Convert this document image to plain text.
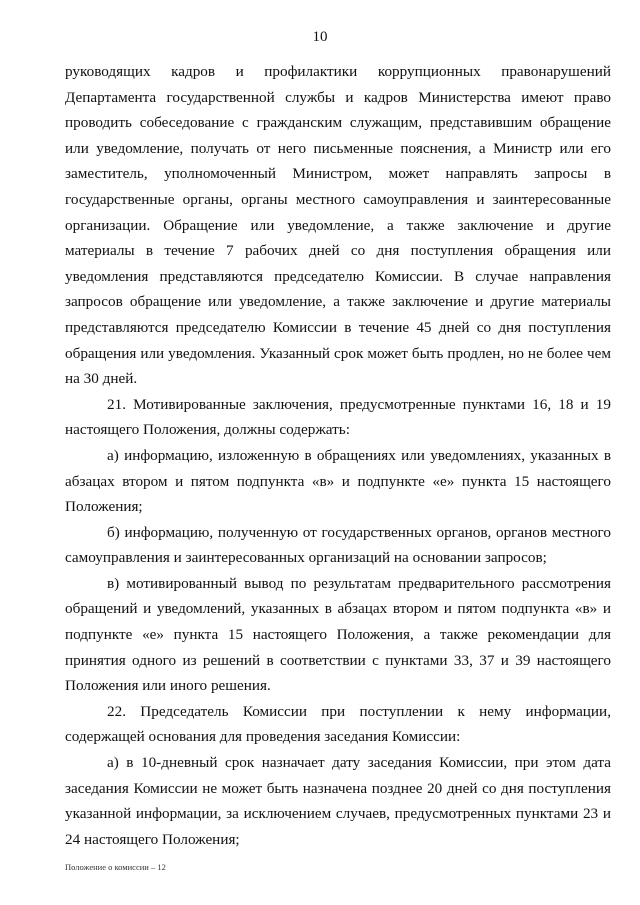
10

руководящих кадров и профилактики коррупционных правонарушений Департамента государственной службы и кадров Министерства имеют право проводить собеседование с гражданским служащим, представившим обращение или уведомление, получать от него письменные пояснения, а Министр или его заместитель, уполномоченный Министром, может направлять запросы в государственные органы, органы местного самоуправления и заинтересованные организации. Обращение или уведомление, а также заключение и другие материалы в течение 7 рабочих дней со дня поступления обращения или уведомления представляются председателю Комиссии. В случае направления запросов обращение или уведомление, а также заключение и другие материалы представляются председателю Комиссии в течение 45 дней со дня поступления обращения или уведомления. Указанный срок может быть продлен, но не более чем на 30 дней.

21. Мотивированные заключения, предусмотренные пунктами 16, 18 и 19 настоящего Положения, должны содержать:

а) информацию, изложенную в обращениях или уведомлениях, указанных в абзацах втором и пятом подпункта «в» и подпункте «е» пункта 15 настоящего Положения;

б) информацию, полученную от государственных органов, органов местного самоуправления и заинтересованных организаций на основании запросов;

в) мотивированный вывод по результатам предварительного рассмотрения обращений и уведомлений, указанных в абзацах втором и пятом подпункта «в» и подпункте «е» пункта 15 настоящего Положения, а также рекомендации для принятия одного из решений в соответствии с пунктами 33, 37 и 39 настоящего Положения или иного решения.

22. Председатель Комиссии при поступлении к нему информации, содержащей основания для проведения заседания Комиссии:

а) в 10-дневный срок назначает дату заседания Комиссии, при этом дата заседания Комиссии не может быть назначена позднее 20 дней со дня поступления указанной информации, за исключением случаев, предусмотренных пунктами 23 и 24 настоящего Положения;

Положение о комиссии – 12
